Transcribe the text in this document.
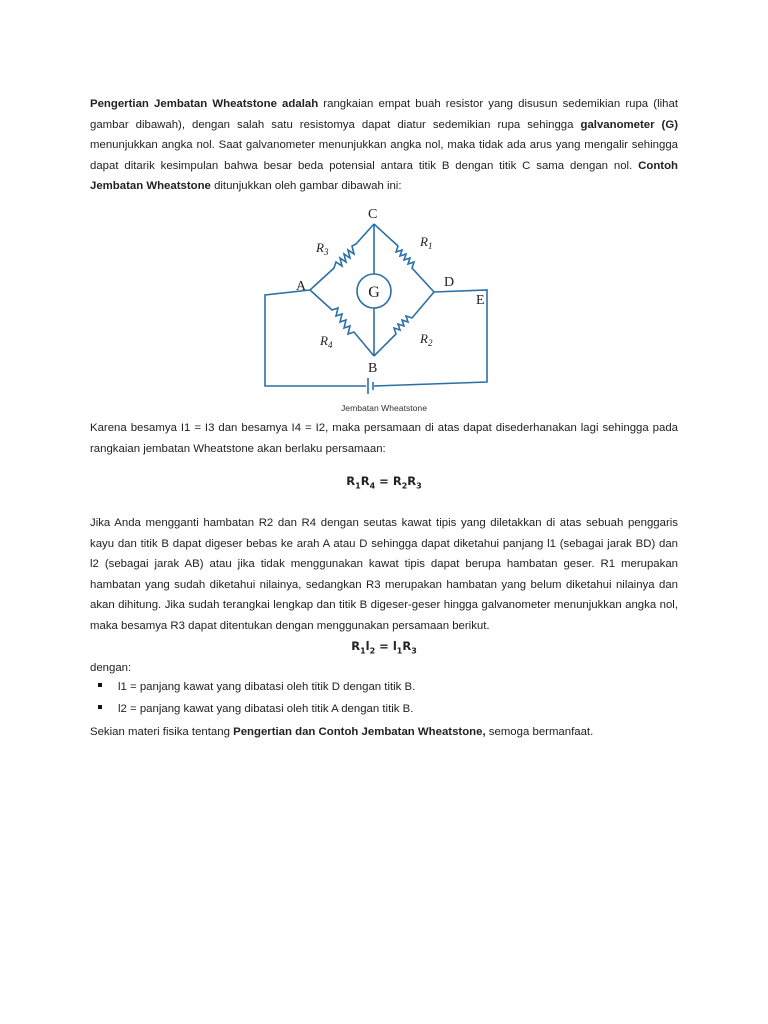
Pengertian Jembatan Wheatstone adalah rangkaian empat buah resistor yang disusun sedemikian rupa (lihat gambar dibawah), dengan salah satu resistomya dapat diatur sedemikian rupa sehingga galvanometer (G) menunjukkan angka nol. Saat galvanometer menunjukkan angka nol, maka tidak ada arus yang mengalir sehingga dapat ditarik kesimpulan bahwa besar beda potensial antara titik B dengan titik C sama dengan nol. Contoh Jembatan Wheatstone ditunjukkan oleh gambar dibawah ini:

G
C
A
B
D
E
$R_3$
$R_1$
$R_4$	$R_2$
Jembatan Wheatstone

Karena besamya I1 = I3 dan besamya I4 = I2, maka persamaan di atas dapat disederhanakan lagi sehingga pada rangkaian jembatan Wheatstone akan berlaku persamaan:

$R_1R_4 = R_2R_3$

Jika Anda mengganti hambatan R2 dan R4 dengan seutas kawat tipis yang diletakkan di atas sebuah penggaris kayu dan titik B dapat digeser bebas ke arah A atau D sehingga dapat diketahui panjang l1 (sebagai jarak BD) dan l2 (sebagai jarak AB) atau jika tidak menggunakan kawat tipis dapat berupa hambatan geser. R1 merupakan hambatan yang sudah diketahui nilainya, sedangkan R3 merupakan hambatan yang belum diketahui nilainya dan akan dihitung. Jika sudah terangkai lengkap dan titik B digeser-geser hingga galvanometer menunjukkan angka nol, maka besamya R3 dapat ditentukan dengan menggunakan persamaan berikut.

$R_1l_2 = l_1R_3$

dengan:

l1 = panjang kawat yang dibatasi oleh titik D dengan titik B.
l2 = panjang kawat yang dibatasi oleh titik A dengan titik B.

Sekian materi fisika tentang Pengertian dan Contoh Jembatan Wheatstone, semoga bermanfaat.
